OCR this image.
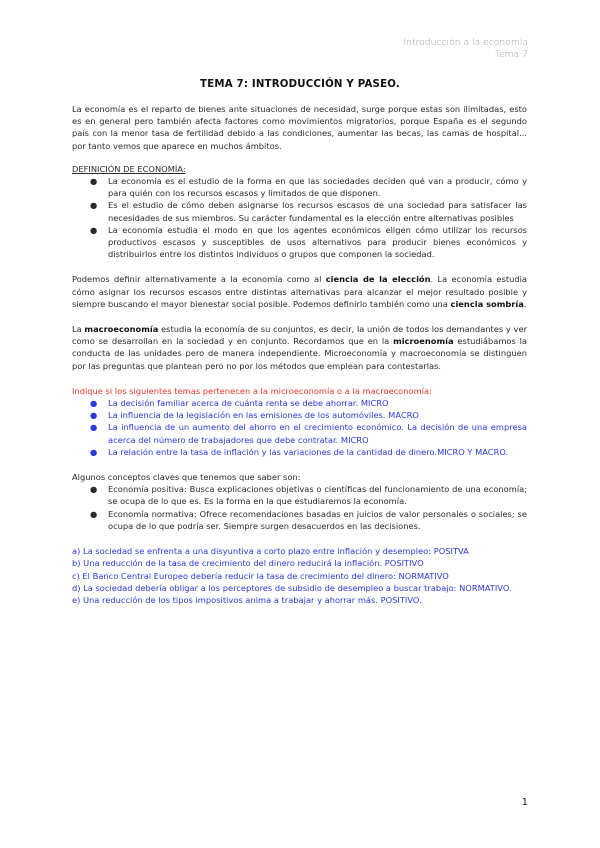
Introducción a la economía
Tema 7
TEMA 7: INTRODUCCIÓN Y PASEO.

La economía es el reparto de bienes ante situaciones de necesidad, surge porque estas son ilimitadas, esto es en general pero también afecta factores como movimientos migratorios, porque España es el segundo país con la menor tasa de fertilidad debido a las condiciones, aumentar las becas, las camas de hospital... por tanto vemos que aparece en muchos ámbitos.

DEFINICIÓN DE ECONOMÍA:

● La economía es el estudio de la forma en que las sociedades deciden qué van a producir, cómo y para quién con los recursos escasos y limitados de que disponen.
● Es el estudio de cómo deben asignarse los recursos escasos de una sociedad para satisfacer las necesidades de sus miembros. Su carácter fundamental es la elección entre alternativas posibles
● La economía estudia el modo en que los agentes económicos eligen cómo utilizar los recursos productivos escasos y susceptibles de usos alternativos para producir bienes económicos y distribuirlos entre los distintos individuos o grupos que componen la sociedad.

Podemos definir alternativamente a la economía como al ciencia de la elección. La economía estudia cómo asignar los recursos escasos entre distintas alternativas para alcanzar el mejor resultado posible y siempre buscando el mayor bienestar social posible. Podemos definirlo también como una ciencia sombría.

La macroeconomía estudia la economía de su conjuntos, es decir, la unión de todos los demandantes y ver como se desarrollan en la sociedad y en conjunto. Recordamos que en la microenomía estudiábamos la conducta de las unidades pero de manera independiente. Microeconomía y macroeconomía se distinguen por las preguntas que plantean pero no por los métodos que emplean para contestarlas.

Indique si los siguientes temas pertenecen a la microeconomía o a la macroeconomía:

● La decisión familiar acerca de cuánta renta se debe ahorrar. MICRO
● La influencia de la legislación en las emisiones de los automóviles. MACRO
● La influencia de un aumento del ahorro en el crecimiento económico. La decisión de una empresa acerca del número de trabajadores que debe contratar. MICRO
● La relación entre la tasa de inflación y las variaciones de la cantidad de dinero.MICRO Y MACRO.

Algunos conceptos claves que tenemos que saber son:

● Economía positiva: Busca explicaciones objetivas o científicas del funcionamiento de una economía; se ocupa de lo que es. Es la forma en la que estudiaremos la economía.
● Economía normativa: Ofrece recomendaciones basadas en juicios de valor personales o sociales; se ocupa de lo que podría ser. Siempre surgen desacuerdos en las decisiones.

a) La sociedad se enfrenta a una disyuntiva a corto plazo entre inflación y desempleo: POSITVA

b) Una reducción de la tasa de crecimiento del dinero reducirá la inflación. POSITIVO

c) El Banco Central Europeo debería reducir la tasa de crecimiento del dinero: NORMATIVO

d) La sociedad debería obligar a los perceptores de subsidio de desempleo a buscar trabajo: NORMATIVO.

e) Una reducción de los tipos impositivos anima a trabajar y ahorrar más. POSITIVO.

1
